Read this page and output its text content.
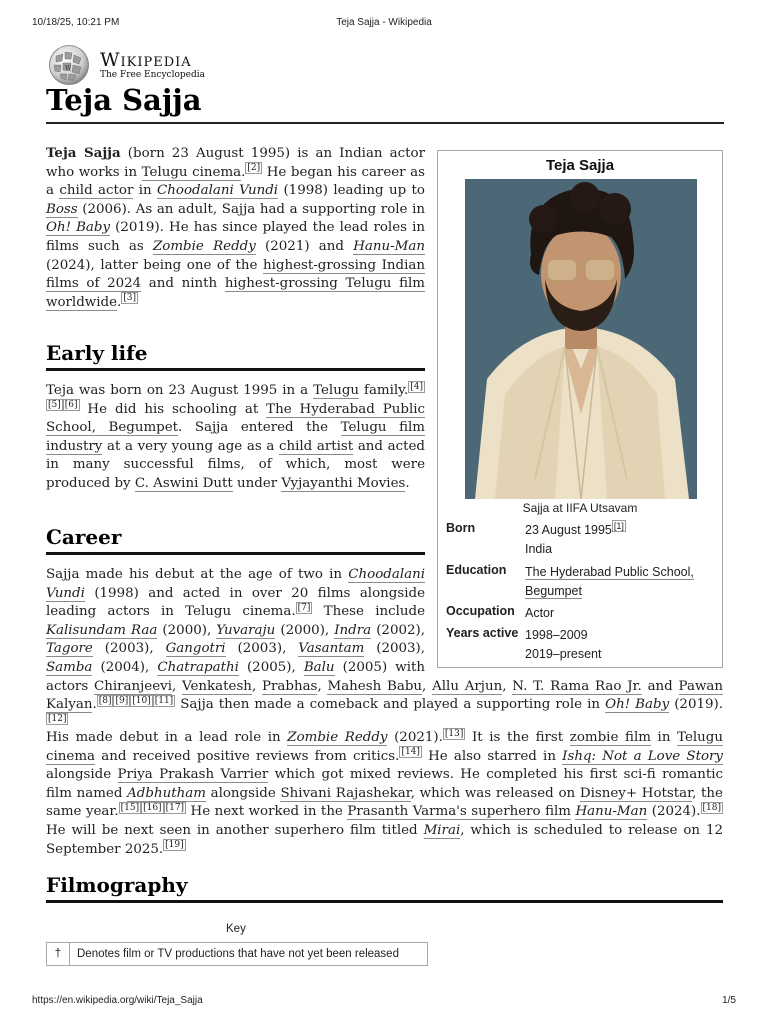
10/18/25, 10:21 PM	Teja Sajja - Wikipedia
W Wikipedia
The Free Encyclopedia
Teja Sajja

Teja Sajja (born 23 August 1995) is an Indian actor who works in Telugu cinema. [2] He began his career as a child actor in Choodalani Vundi (1998) leading up to Boss (2006). As an adult, Sajja had a supporting role in Oh! Baby (2019). He has since played the lead roles in films such as Zombie Reddy (2021) and Hanu-Man (2024), latter being one of the highest-grossing Indian films of 2024 and ninth highest-grossing Telugu film worldwide. [3]

Early life

Teja was born on 23 August 1995 in a Telugu family. [4][5] [6] He did his schooling at The Hyderabad Public School, Begumpet. Sajja entered the Telugu film industry at a very young age as a child artist and acted in many successful films, of which, most were produced by C. Aswini Dutt under Vyjayanthi Movies.

Career

Sajja made his debut at the age of two in Choodalani Vundi (1998) and acted in over 20 films alongside leading actors in Telugu cinema. [7] These include Kalisundam Raa (2000), Yuvaraju (2000), Indra (2002), Tagore (2003), Gangotri (2003), Vasantam (2003), Samba (2004), Chatrapathi (2005), Balu (2005) with actors Chiranjeevi, Venkatesh, Prabhas, Mahesh Babu, Allu Arjun, N. T. Rama Rao Jr. and Pawan Kalyan. [8] [9] [10] [11] Sajja then made a comeback and played a supporting role in Oh! Baby (2019).[12]

His made debut in a lead role in Zombie Reddy (2021). [13] It is the first zombie film in Telugu cinema and received positive reviews from critics. [14] He also starred in Ishq: Not a Love Story alongside Priya Prakash Varrier which got mixed reviews. He completed his first sci-fi romantic film named Adbhutham alongside Shivani Rajashekar, which was released on Disney+ Hotstar, the same year. [15] [16] [17] He next worked in the Prasanth Varma's superhero film Hanu-Man (2024). [18] He will be next seen in another superhero film titled Mirai, which is scheduled to release on 12 September 2025. [19]

Filmography
Key
†	Denotes film or TV productions that have not yet been released
Teja Sajja
Sajja at IIFA Utsavam
Born	23 August 1995 [1]
India
Education The Hyderabad Public School,
Begumpet
Occupation Actor
Years active 1998–2009
2019–present
https://en.wikipedia.org/wiki/Teja_Sajja	1/5
